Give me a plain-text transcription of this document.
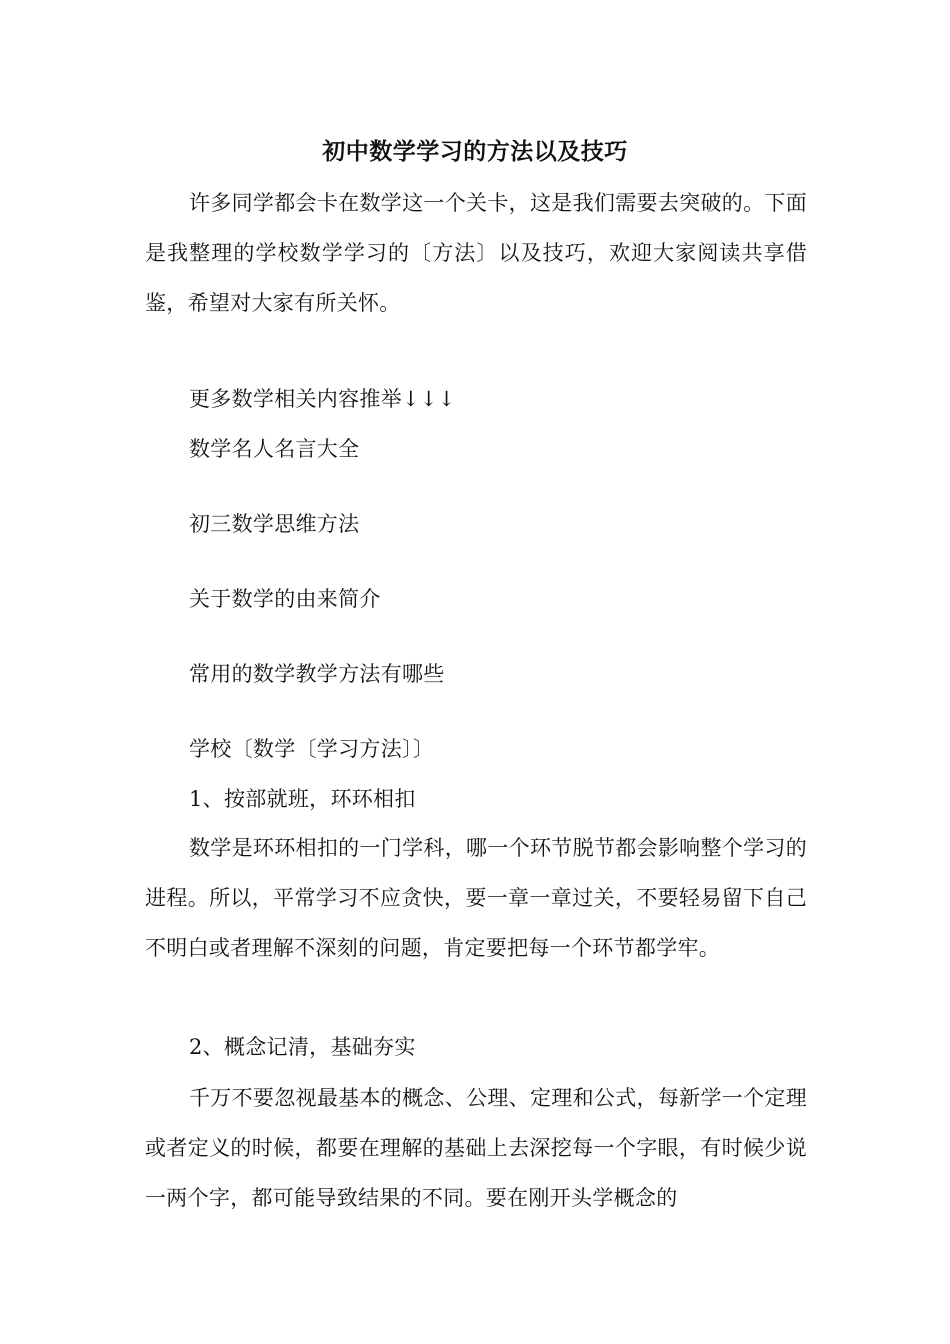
初中数学学习的方法以及技巧
许多同学都会卡在数学这一个关卡，这是我们需要去突破的。下面是我整理的学校数学学习的〔方法〕以及技巧，欢迎大家阅读共享借鉴，希望对大家有所关怀。
更多数学相关内容推举↓↓↓
数学名人名言大全
初三数学思维方法
关于数学的由来简介
常用的数学教学方法有哪些
学校〔数学〔学习方法〕〕
1、按部就班，环环相扣
数学是环环相扣的一门学科，哪一个环节脱节都会影响整个学习的进程。所以，平常学习不应贪快，要一章一章过关，不要轻易留下自己不明白或者理解不深刻的问题，肯定要把每一个环节都学牢。
2、概念记清，基础夯实
千万不要忽视最基本的概念、公理、定理和公式，每新学一个定理或者定义的时候，都要在理解的基础上去深挖每一个字眼，有时候少说一两个字，都可能导致结果的不同。要在刚开头学概念的
